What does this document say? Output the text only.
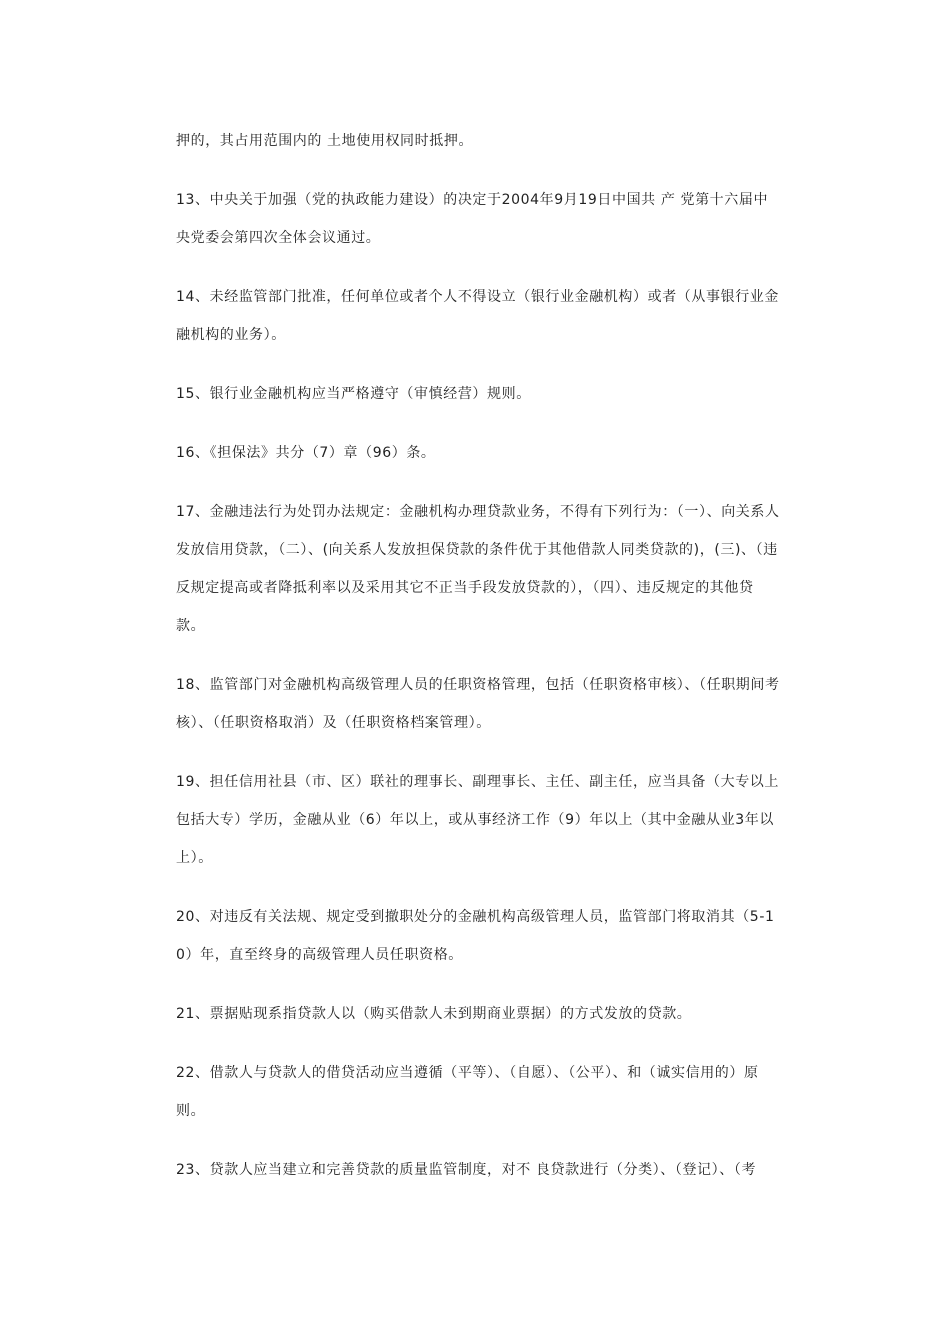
押的，其占用范围内的 土地使用权同时抵押。

13、中央关于加强（党的执政能力建设）的决定于2004年9月19日中国共 产 党第十六届中央党委会第四次全体会议通过。

14、未经监管部门批准，任何单位或者个人不得设立（银行业金融机构）或者（从事银行业金融机构的业务）。

15、银行业金融机构应当严格遵守（审慎经营）规则。

16、《担保法》共分（7）章（96）条。

17、金融违法行为处罚办法规定：金融机构办理贷款业务，不得有下列行为：（一）、向关系人发放信用贷款，（二）、(向关系人发放担保贷款的条件优于其他借款人同类贷款的)，(三)、（违反规定提高或者降抵利率以及采用其它不正当手段发放贷款的），（四）、违反规定的其他贷款。

18、监管部门对金融机构高级管理人员的任职资格管理，包括（任职资格审核）、（任职期间考核）、（任职资格取消）及（任职资格档案管理）。

19、担任信用社县（市、区）联社的理事长、副理事长、主任、副主任，应当具备（大专以上包括大专）学历，金融从业（6）年以上，或从事经济工作（9）年以上（其中金融从业3年以上）。

20、对违反有关法规、规定受到撤职处分的金融机构高级管理人员，监管部门将取消其（5-10）年，直至终身的高级管理人员任职资格。

21、票据贴现系指贷款人以（购买借款人未到期商业票据）的方式发放的贷款。

22、借款人与贷款人的借贷活动应当遵循（平等）、（自愿）、（公平）、和（诚实信用的）原则。

23、贷款人应当建立和完善贷款的质量监管制度，对不 良贷款进行（分类）、（登记）、（考
